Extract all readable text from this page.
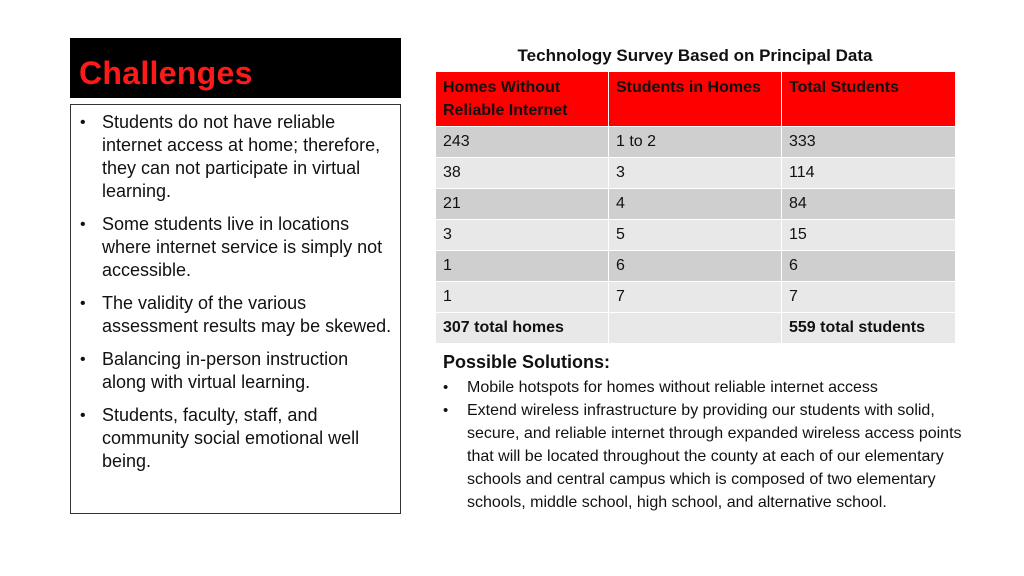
Challenges
• Students do not have reliable internet access at home; therefore, they can not participate in virtual learning.
• Some students live in locations where internet service is simply not accessible.
• The validity of the various assessment results may be skewed.
• Balancing in-person instruction along with virtual learning.
• Students, faculty, staff, and community social emotional well being.
Technology Survey Based on Principal Data
Homes Without Reliable Internet	Students in Homes	Total Students
243	1 to 2	333
38	3	114
21	4	84
3	5	15
1	6	6
1	7	7
307 total homes		559 total students
Possible Solutions:
• Mobile hotspots for homes without reliable internet access
• Extend wireless infrastructure by providing our students with solid, secure, and reliable internet through expanded wireless access points that will be located throughout the county at each of our elementary schools and central campus which is composed of two elementary schools, middle school, high school, and alternative school.
